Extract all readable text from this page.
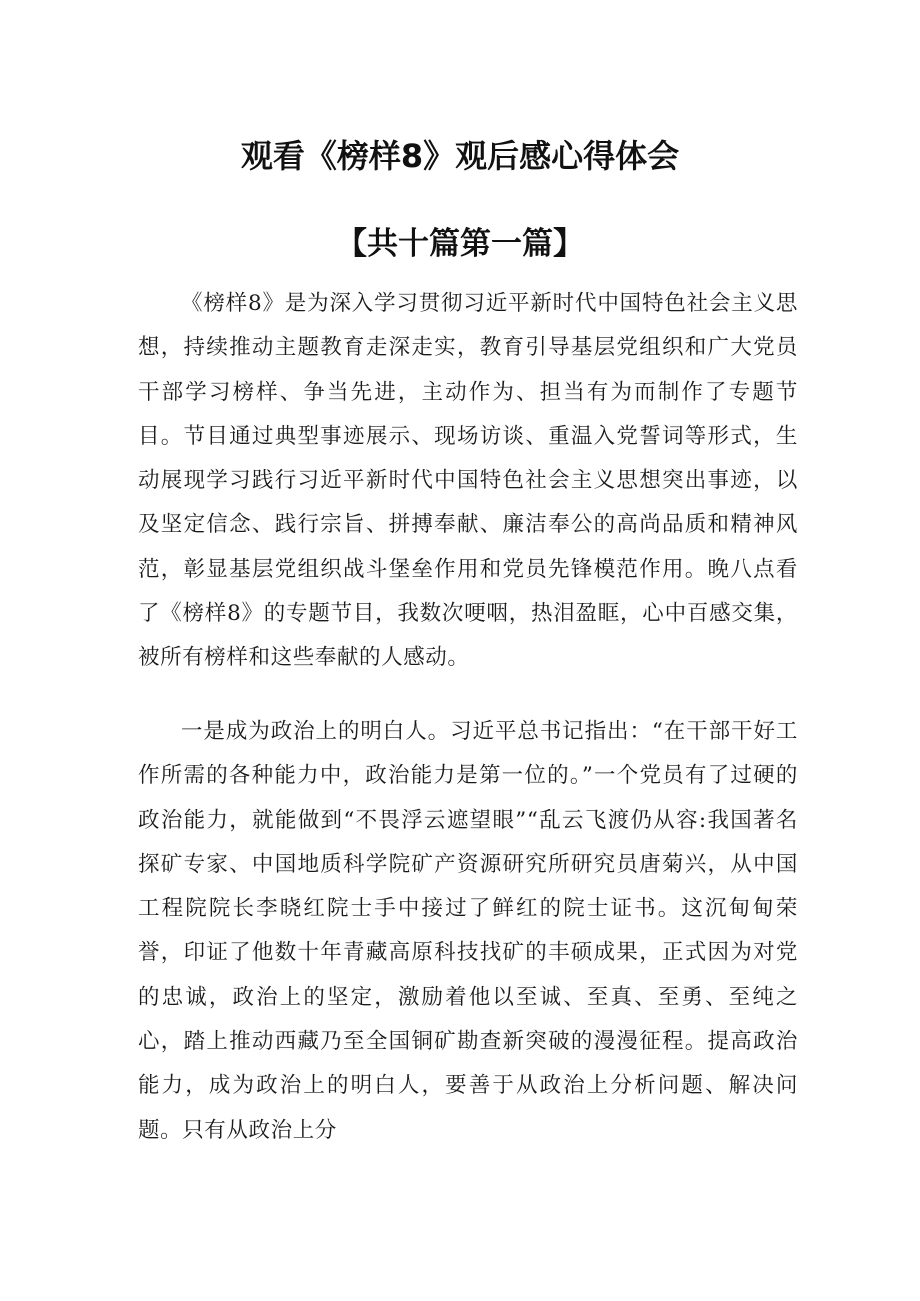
观看《榜样8》观后感心得体会
【共十篇第一篇】

《榜样8》是为深入学习贯彻习近平新时代中国特色社会主义思想，持续推动主题教育走深走实，教育引导基层党组织和广大党员干部学习榜样、争当先进，主动作为、担当有为而制作了专题节目。节目通过典型事迹展示、现场访谈、重温入党誓词等形式，生动展现学习践行习近平新时代中国特色社会主义思想突出事迹，以及坚定信念、践行宗旨、拼搏奉献、廉洁奉公的高尚品质和精神风范，彰显基层党组织战斗堡垒作用和党员先锋模范作用。晚八点看了《榜样8》的专题节目，我数次哽咽，热泪盈眶，心中百感交集，被所有榜样和这些奉献的人感动。

一是成为政治上的明白人。习近平总书记指出：“在干部干好工作所需的各种能力中，政治能力是第一位的。”一个党员有了过硬的政治能力，就能做到“不畏浮云遮望眼”“乱云飞渡仍从容:我国著名探矿专家、中国地质科学院矿产资源研究所研究员唐菊兴，从中国工程院院长李晓红院士手中接过了鲜红的院士证书。这沉甸甸荣誉，印证了他数十年青藏高原科技找矿的丰硕成果，正式因为对党的忠诚，政治上的坚定，激励着他以至诚、至真、至勇、至纯之心，踏上推动西藏乃至全国铜矿勘查新突破的漫漫征程。提高政治能力，成为政治上的明白人，要善于从政治上分析问题、解决问题。只有从政治上分
